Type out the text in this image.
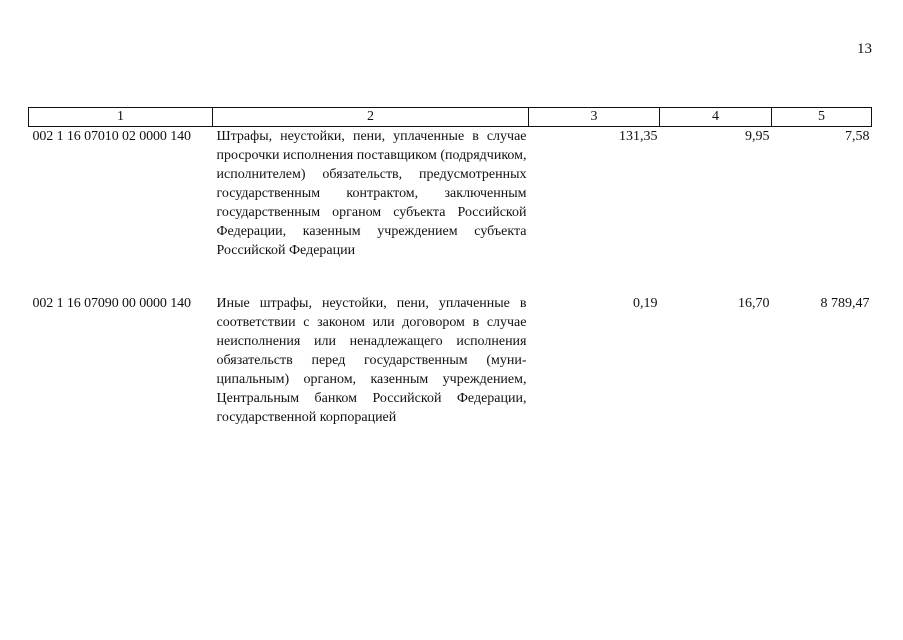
13
1	2	3	4	5
002 1 16 07010 02 0000 140	Штрафы, неустойки, пени, уплаченные в случае просрочки исполнения поставщиком (подрядчиком, исполнителем) обязательств, предусмотренных государственным контрактом, заключенным государственным органом субъекта Российской Федерации, казенным учреждением субъекта Российской Федерации	131,35	9,95	7,58

002 1 16 07090 00 0000 140	Иные штрафы, неустойки, пени, уплаченные в соответствии с законом или договором в случае неисполнения или ненадлежащего исполнения обязательств перед государственным (муниципальным) органом, казенным учреждением, Центральным банком Российской Федерации, государственной корпорацией	0,19	16,70	8 789,47
